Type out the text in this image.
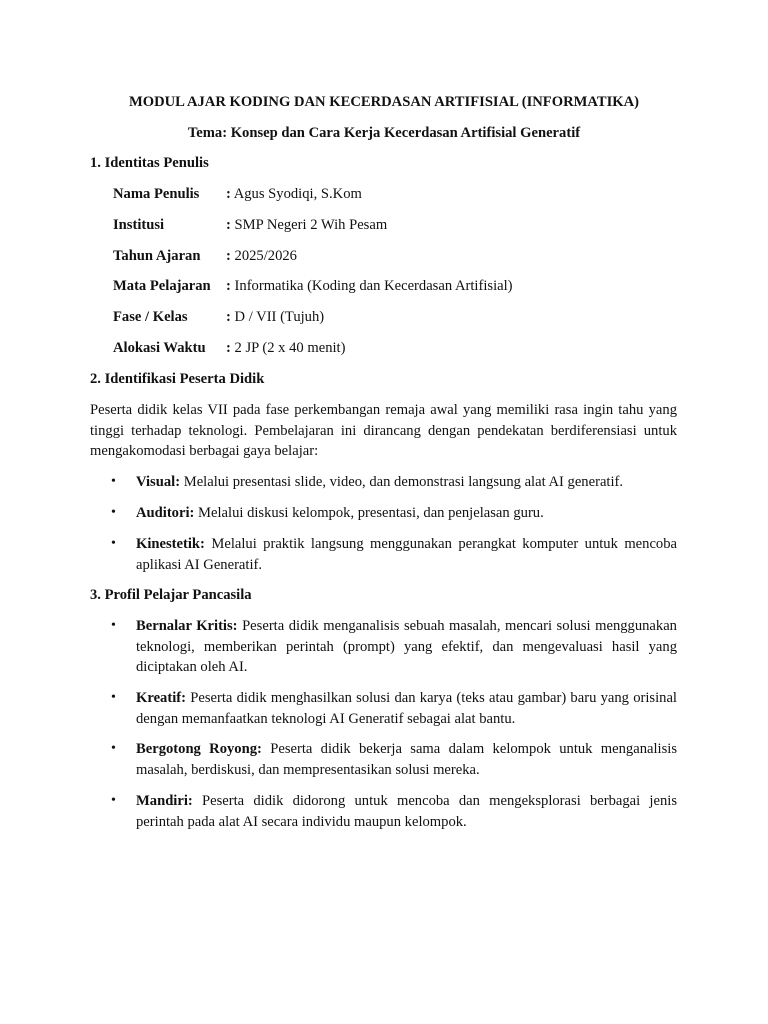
MODUL AJAR KODING DAN KECERDASAN ARTIFISIAL (INFORMATIKA)
Tema: Konsep dan Cara Kerja Kecerdasan Artifisial Generatif
1. Identitas Penulis
Nama Penulis : Agus Syodiqi, S.Kom
Institusi	: SMP Negeri 2 Wih Pesam
Tahun Ajaran : 2025/2026
Mata Pelajaran : Informatika (Koding dan Kecerdasan Artifisial)
Fase / Kelas	: D / VII (Tujuh)
Alokasi Waktu : 2 JP (2 x 40 menit)
2. Identifikasi Peserta Didik
Peserta didik kelas VII pada fase perkembangan remaja awal yang memiliki rasa ingin tahu yang tinggi terhadap teknologi. Pembelajaran ini dirancang dengan pendekatan berdiferensiasi untuk mengakomodasi berbagai gaya belajar:
• Visual: Melalui presentasi slide, video, dan demonstrasi langsung alat AI generatif.
• Auditori: Melalui diskusi kelompok, presentasi, dan penjelasan guru.
• Kinestetik: Melalui praktik langsung menggunakan perangkat komputer untuk mencoba aplikasi AI Generatif.
3. Profil Pelajar Pancasila
• Bernalar Kritis: Peserta didik menganalisis sebuah masalah, mencari solusi menggunakan teknologi, memberikan perintah (prompt) yang efektif, dan mengevaluasi hasil yang diciptakan oleh AI.
• Kreatif: Peserta didik menghasilkan solusi dan karya (teks atau gambar) baru yang orisinal dengan memanfaatkan teknologi AI Generatif sebagai alat bantu.
• Bergotong Royong: Peserta didik bekerja sama dalam kelompok untuk menganalisis masalah, berdiskusi, dan mempresentasikan solusi mereka.
• Mandiri: Peserta didik didorong untuk mencoba dan mengeksplorasi berbagai jenis perintah pada alat AI secara individu maupun kelompok.
